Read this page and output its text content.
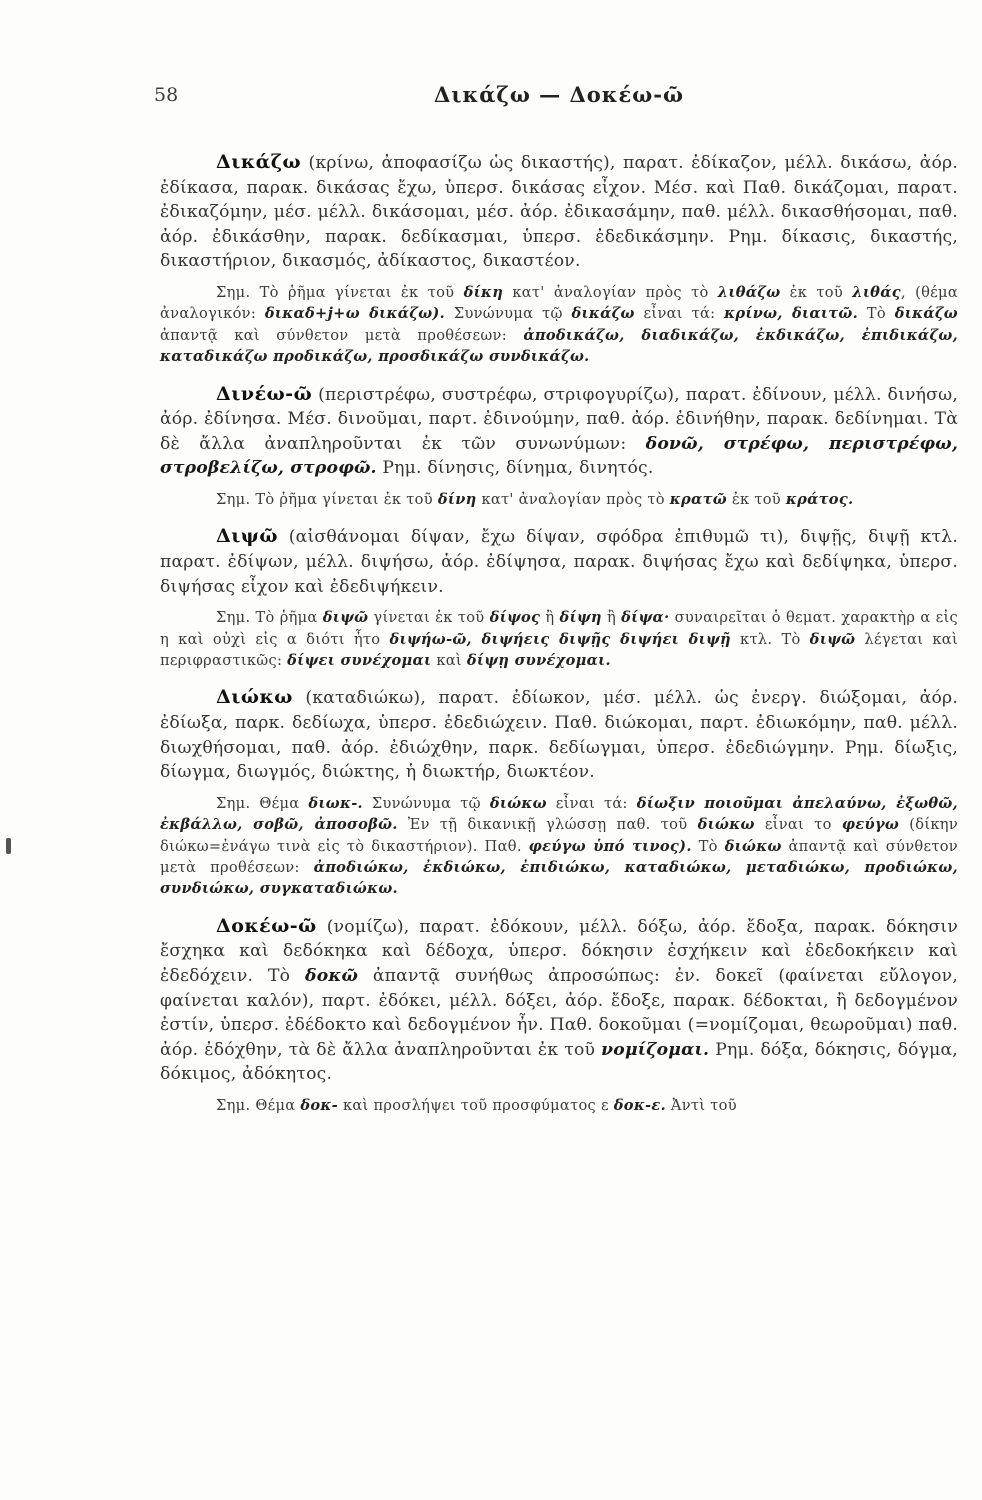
58	Δικάζω — Δοκέω-ῶ

Δικάζω (κρίνω, ἀποφασίζω ὡς δικαστής), παρατ. ἐδίκαζον, μέλλ. δικάσω, ἀόρ. ἐδίκασα, παρακ. δικάσας ἔχω, ὑπερσ. δικάσας εἶχον. Μέσ. καὶ Παθ. δικάζομαι, παρατ. ἐδικαζόμην, μέσ. μέλλ. δικάσομαι, μέσ. ἀόρ. ἐδικασάμην, παθ. μέλλ. δικασθήσομαι, παθ. ἀόρ. ἐδικάσθην, παρακ. δεδίκασμαι, ὑπερσ. ἐδεδικάσμην. Ρημ. δίκασις, δικαστής, δικαστήριον, δικασμός, ἀδίκαστος, δικαστέον.

Σημ. Τὸ ῥῆμα γίνεται ἐκ τοῦ δίκη κατ' ἀναλογίαν πρὸς τὸ λιθάζω ἐκ τοῦ λιθάς, (θέμα ἀναλογικόν: δικαδ+j+ω δικάζω). Συνώνυμα τῷ δικάζω εἶναι τά: κρίνω, διαιτῶ. Τὸ δικάζω ἀπαντᾷ καὶ σύνθετον μετὰ προθέσεων: ἀποδικάζω, διαδικάζω, ἐκδικάζω, ἐπιδικάζω, καταδικάζω προδικάζω, προσδικάζω συνδικάζω.

Δινέω-ῶ (περιστρέφω, συστρέφω, στριφογυρίζω), παρατ. ἐδίνουν, μέλλ. δινήσω, ἀόρ. ἐδίνησα. Μέσ. δινοῦμαι, παρτ. ἐδινούμην, παθ. ἀόρ. ἐδινήθην, παρακ. δεδίνημαι. Τὰ δὲ ἄλλα ἀναπληροῦνται ἐκ τῶν συνωνύμων: δονῶ, στρέφω, περιστρέφω, στροβελίζω, στροφῶ. Ρημ. δίνησις, δίνημα, δινητός.

Σημ. Τὸ ῥῆμα γίνεται ἐκ τοῦ δίνη κατ' ἀναλογίαν πρὸς τὸ κρατῶ ἐκ τοῦ κράτος.

Διψῶ (αἰσθάνομαι δίψαν, ἔχω δίψαν, σφόδρα ἐπιθυμῶ τι), διψῇς, διψῇ κτλ. παρατ. ἐδίψων, μέλλ. διψήσω, ἀόρ. ἐδίψησα, παρακ. διψήσας ἔχω καὶ δεδίψηκα, ὑπερσ. διψήσας εἶχον καὶ ἐδεδιψήκειν.

Σημ. Τὸ ῥῆμα διψῶ γίνεται ἐκ τοῦ δίψος ἢ δίψη ἢ δίψα· συναιρεῖται ὁ θεματ. χαρακτὴρ α εἰς η καὶ οὐχὶ εἰς α διότι ἦτο διψήω-ῶ, διψήεις διψῇς διψήει διψῇ κτλ. Τὸ διψῶ λέγεται καὶ περιφραστικῶς: δίψει συνέχομαι καὶ δίψῃ συνέχομαι.

Διώκω (καταδιώκω), παρατ. ἐδίωκον, μέσ. μέλλ. ὡς ἐνεργ. διώξομαι, ἀόρ. ἐδίωξα, παρκ. δεδίωχα, ὑπερσ. ἐδεδιώχειν. Παθ. διώκομαι, παρτ. ἐδιωκόμην, παθ. μέλλ. διωχθήσομαι, παθ. ἀόρ. ἐδιώχθην, παρκ. δεδίωγμαι, ὑπερσ. ἐδεδιώγμην. Ρημ. δίωξις, δίωγμα, διωγμός, διώκτης, ἡ διωκτήρ, διωκτέον.

Σημ. Θέμα διωκ-. Συνώνυμα τῷ διώκω εἶναι τά: δίωξιν ποιοῦμαι ἀπελαύνω, ἐξωθῶ, ἐκβάλλω, σοβῶ, ἀποσοβῶ. Ἐν τῇ δικανικῇ γλώσσῃ παθ. τοῦ διώκω εἶναι το φεύγω (δίκην διώκω=ἐνάγω τινὰ εἰς τὸ δικαστήριον). Παθ. φεύγω ὑπό τινος). Τὸ διώκω ἀπαντᾷ καὶ σύνθετον μετὰ προθέσεων: ἀποδιώκω, ἐκδιώκω, ἐπιδιώκω, καταδιώκω, μεταδιώκω, προδιώκω, συνδιώκω, συγκαταδιώκω.

Δοκέω-ῶ (νομίζω), παρατ. ἐδόκουν, μέλλ. δόξω, ἀόρ. ἔδοξα, παρακ. δόκησιν ἔσχηκα καὶ δεδόκηκα καὶ δέδοχα, ὑπερσ. δόκησιν ἐσχήκειν καὶ ἐδεδοκήκειν καὶ ἐδεδόχειν. Τὸ δοκῶ ἀπαντᾷ συνήθως ἀπροσώπως: ἐν. δοκεῖ (φαίνεται εὔλογον, φαίνεται καλόν), παρτ. ἐδόκει, μέλλ. δόξει, ἀόρ. ἔδοξε, παρακ. δέδοκται, ἢ δεδογμένον ἐστίν, ὑπερσ. ἐδέδοκτο καὶ δεδογμένον ἦν. Παθ. δοκοῦμαι (=νομίζομαι, θεωροῦμαι) παθ. ἀόρ. ἐδόχθην, τὰ δὲ ἄλλα ἀναπληροῦνται ἐκ τοῦ νομίζομαι. Ρημ. δόξα, δόκησις, δόγμα, δόκιμος, ἀδόκητος.

Σημ. Θέμα δοκ- καὶ προσλήψει τοῦ προσφύματος ε δοκ-ε. Ἀντὶ τοῦ
